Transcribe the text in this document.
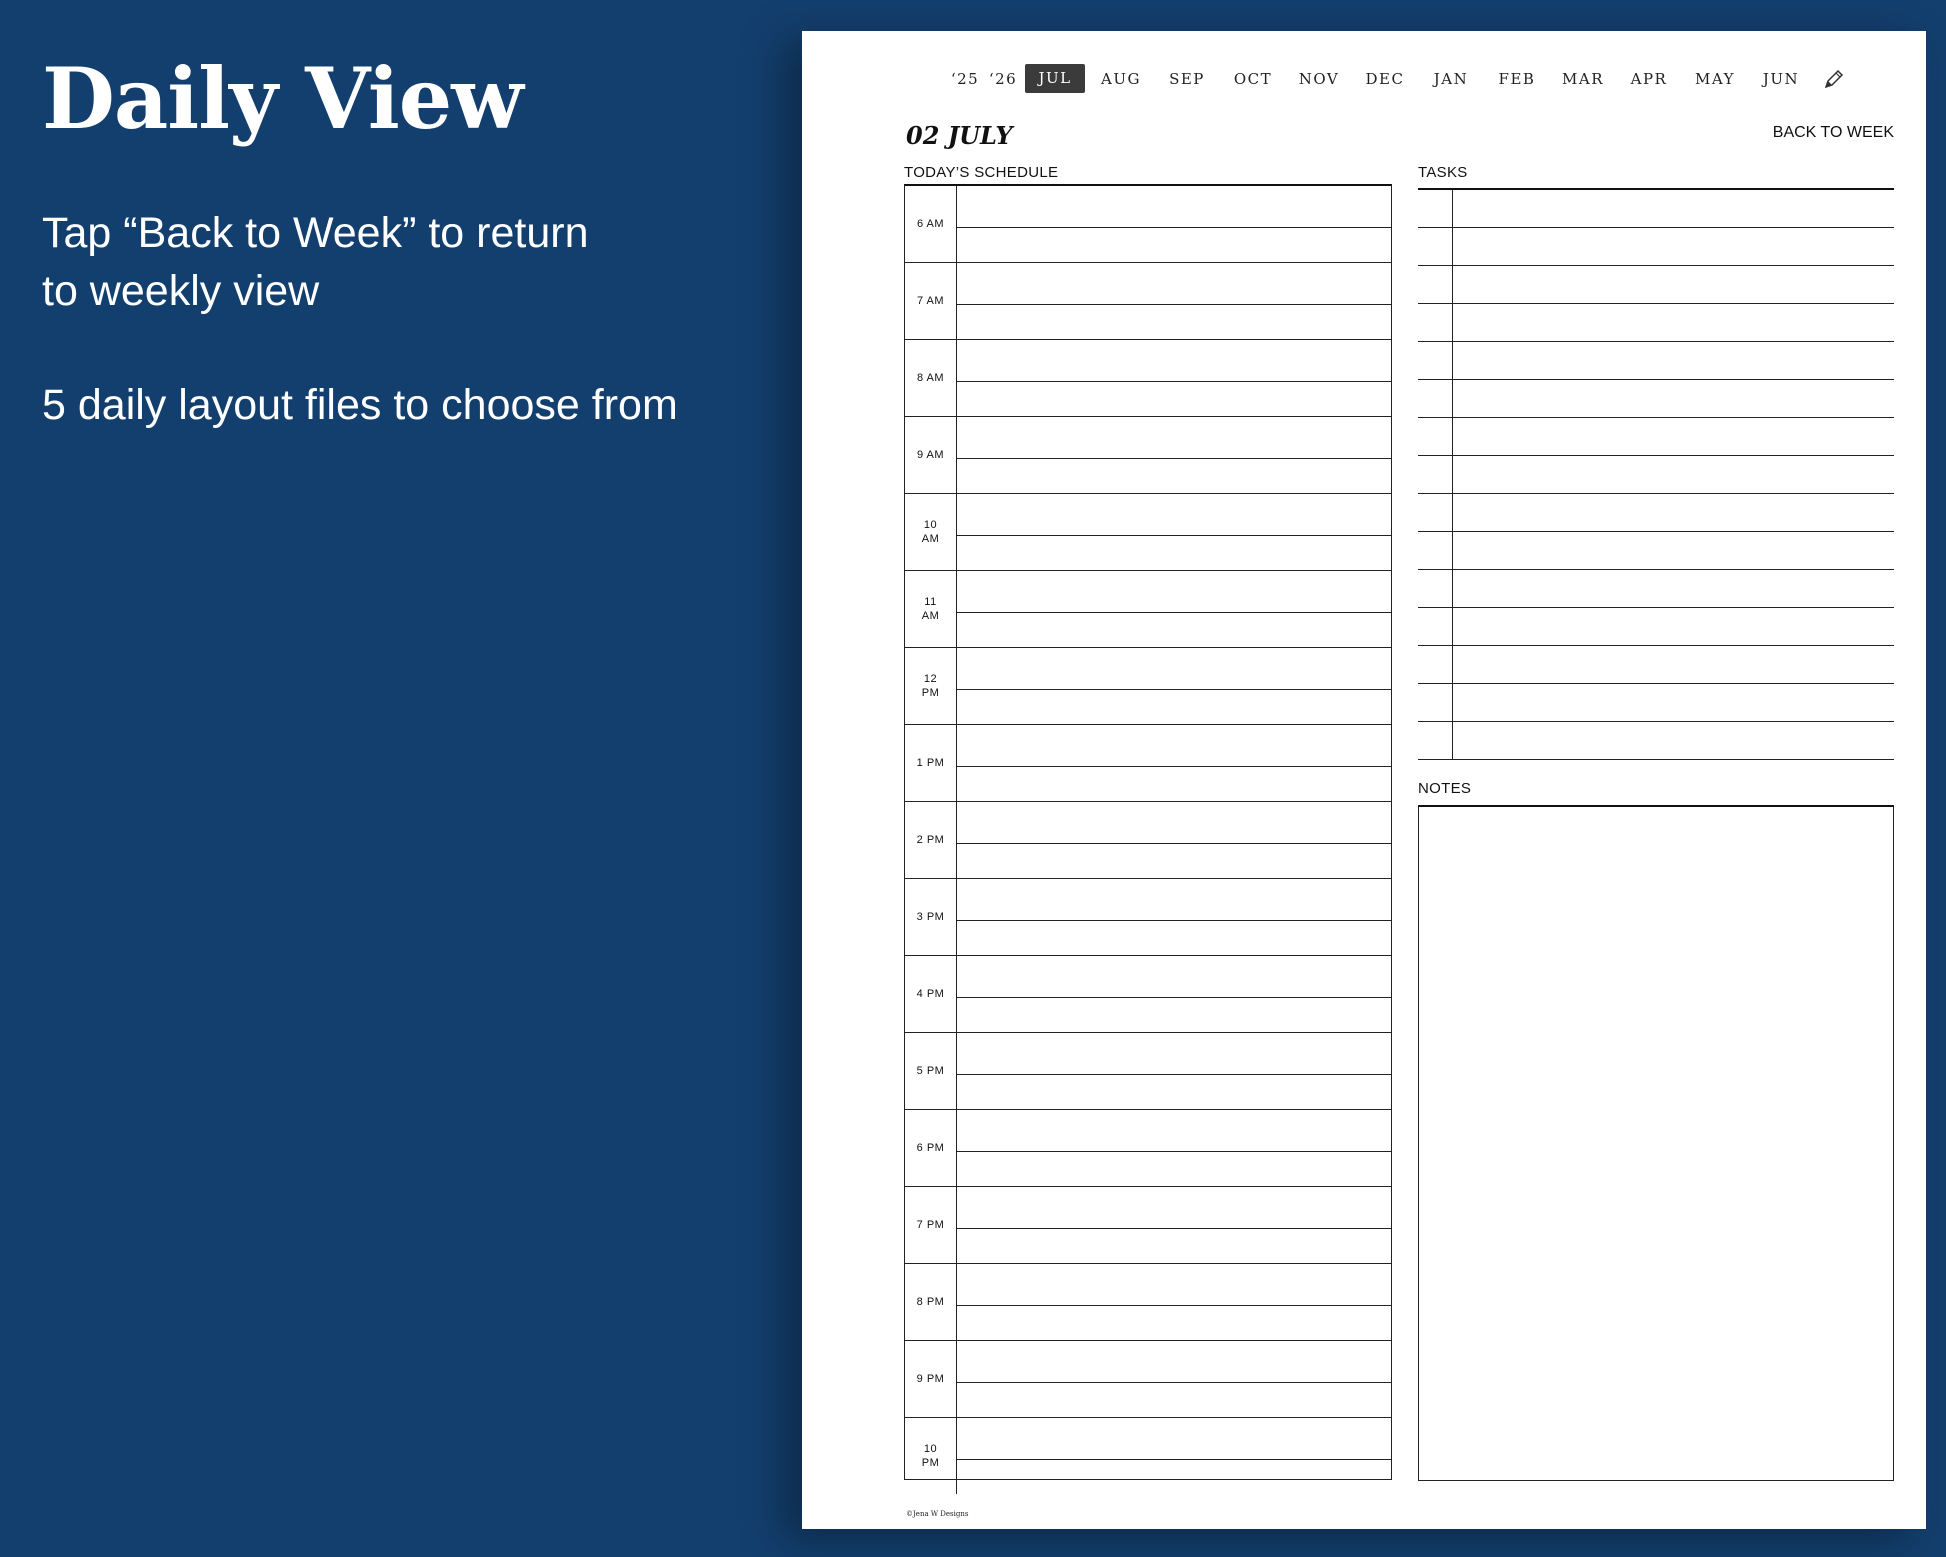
Daily View

Tap “Back to Week” to return
to weekly view

5 daily layout files to choose from

‘25 ‘26	JUL	AUG	SEP	OCT	NOV	DEC	JAN	FEB	MAR	APR	MAY	JUN
02 JULY	BACK TO WEEK
TODAY’S SCHEDULE
6 AM
7 AM
8 AM
9 AM
10
AM
11
AM
12
PM
1 PM
2 PM
3 PM
4 PM
5 PM
6 PM
7 PM
8 PM
9 PM
10
PM
TASKS
NOTES
©Jena W Designs
